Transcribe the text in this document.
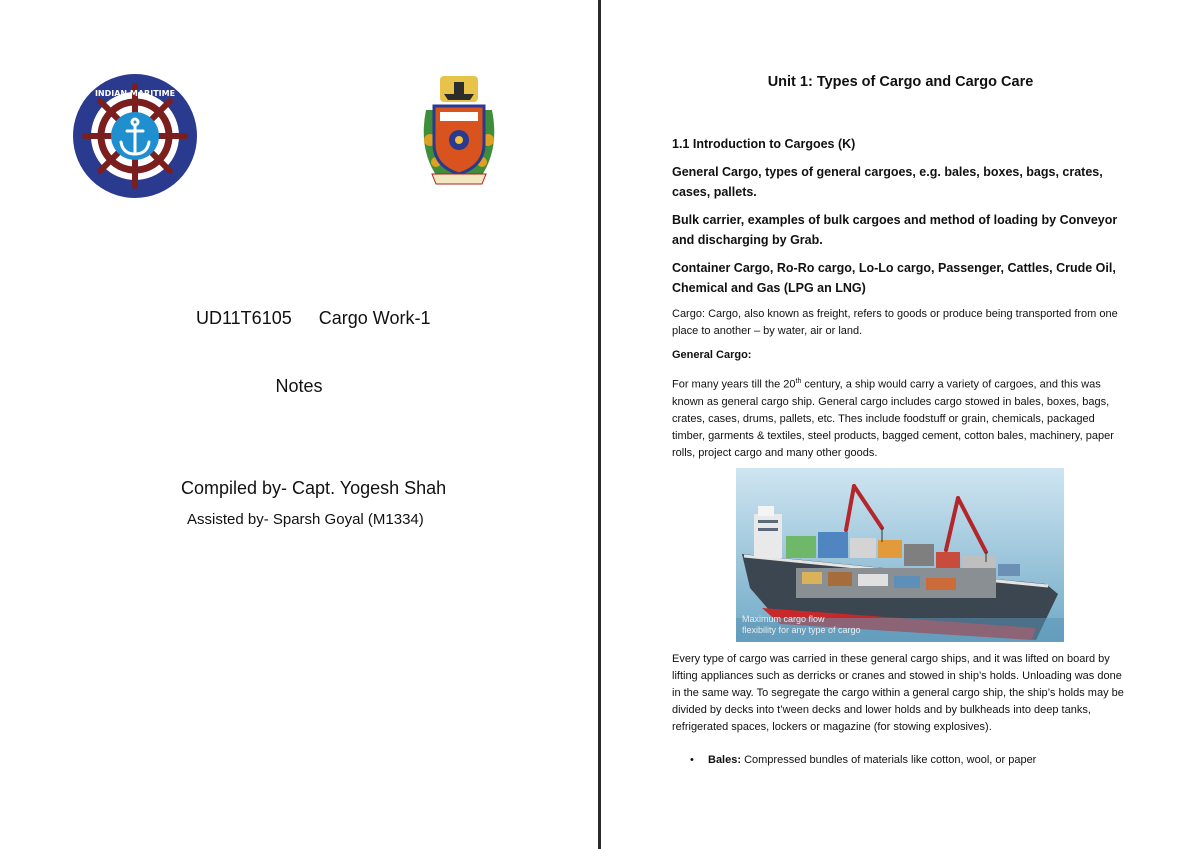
INDIAN MARITIME
UD11T6105 Cargo Work-1
Notes
Compiled by- Capt. Yogesh Shah
Assisted by- Sparsh Goyal (M1334)
Unit 1: Types of Cargo and Cargo Care
1.1 Introduction to Cargoes (K)

General Cargo, types of general cargoes, e.g. bales, boxes, bags, crates, cases, pallets.

Bulk carrier, examples of bulk cargoes and method of loading by Conveyor and discharging by Grab.

Container Cargo, Ro-Ro cargo, Lo-Lo cargo, Passenger, Cattles, Crude Oil, Chemical and Gas (LPG an LNG)

Cargo: Cargo, also known as freight, refers to goods or produce being transported from one place to another – by water, air or land.

General Cargo:

For many years till the 20th century, a ship would carry a variety of cargoes, and this was known as general cargo ship. General cargo includes cargo stowed in bales, boxes, bags, crates, cases, drums, pallets, etc. Thes include foodstuff or grain, chemicals, packaged timber, garments & textiles, steel products, bagged cement, cotton bales, machinery, paper rolls, project cargo and many other goods.

Maximum cargo flow
flexibility for any type of cargo

Every type of cargo was carried in these general cargo ships, and it was lifted on board by lifting appliances such as derricks or cranes and stowed in ship’s holds. Unloading was done in the same way. To segregate the cargo within a general cargo ship, the ship’s holds may be divided by decks into t’ween decks and lower holds and by bulkheads into deep tanks, refrigerated spaces, lockers or magazine (for stowing explosives).

• Bales: Compressed bundles of materials like cotton, wool, or paper
